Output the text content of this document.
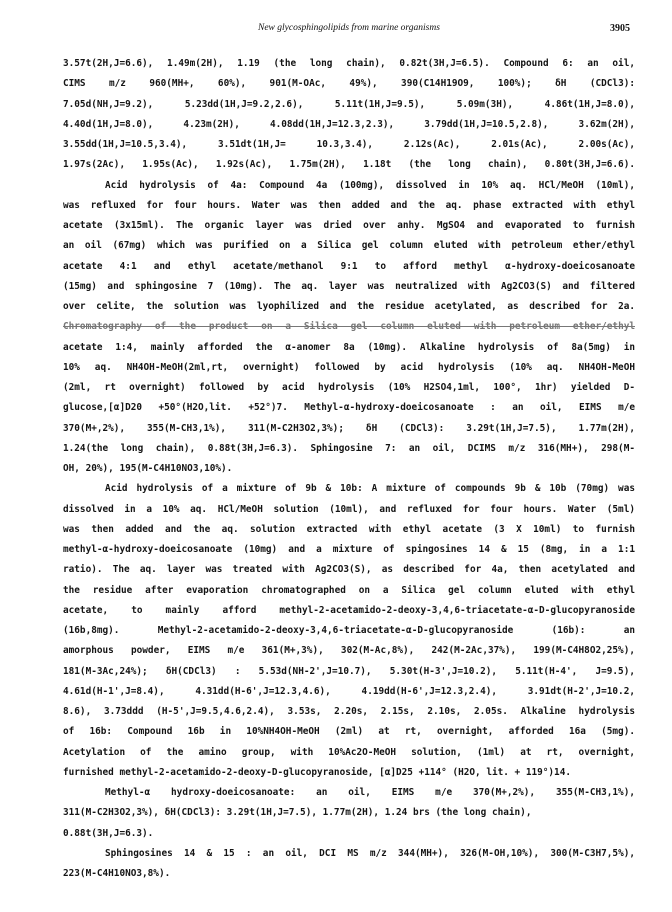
New glycosphingolipids from marine organisms	3905
3.57t(2H,J=6.6), 1.49m(2H), 1.19 (the long chain), 0.82t(3H,J=6.5). Compound 6: an oil,
CIMS m/z 960(MH+, 60%), 901(M-OAc, 49%), 390(C14H19O9, 100%); δH (CDCl3):
7.05d(NH,J=9.2), 5.23dd(1H,J=9.2,2.6), 5.11t(1H,J=9.5), 5.09m(3H), 4.86t(1H,J=8.0),
4.40d(1H,J=8.0), 4.23m(2H), 4.08dd(1H,J=12.3,2.3), 3.79dd(1H,J=10.5,2.8), 3.62m(2H),
3.55dd(1H,J=10.5,3.4), 3.51dt(1H,J= 10.3,3.4), 2.12s(Ac), 2.01s(Ac), 2.00s(Ac),
1.97s(2Ac), 1.95s(Ac), 1.92s(Ac), 1.75m(2H), 1.18t (the long chain), 0.80t(3H,J=6.6).
Acid hydrolysis of 4a: Compound 4a (100mg), dissolved in 10% aq. HCl/MeOH (10ml),
was refluxed for four hours. Water was then added and the aq. phase extracted with ethyl
acetate (3x15ml). The organic layer was dried over anhy. MgSO4 and evaporated to furnish
an oil (67mg) which was purified on a Silica gel column eluted with petroleum ether/ethyl
acetate 4:1 and ethyl acetate/methanol 9:1 to afford methyl α-hydroxy-doeicosanoate
(15mg) and sphingosine 7 (10mg). The aq. layer was neutralized with Ag2CO3(S) and filtered
over celite, the solution was lyophilized and the residue acetylated, as described for 2a.
Chromatography of the product on a Silica gel column eluted with petroleum ether/ethyl
acetate 1:4, mainly afforded the α-anomer 8a (10mg). Alkaline hydrolysis of 8a(5mg) in
10% aq. NH4OH-MeOH(2ml,rt, overnight) followed by acid hydrolysis (10% aq. NH4OH-MeOH
(2ml, rt overnight) followed by acid hydrolysis (10% H2SO4,1ml, 100°, 1hr) yielded D-
glucose,[α]D20 +50°(H2O,lit. +52°)7. Methyl-α-hydroxy-doeicosanoate : an oil, EIMS m/e
370(M+,2%), 355(M-CH3,1%), 311(M-C2H3O2,3%); δH (CDCl3): 3.29t(1H,J=7.5), 1.77m(2H),
1.24(the long chain), 0.88t(3H,J=6.3). Sphingosine 7: an oil, DCIMS m/z 316(MH+), 298(M-
OH, 20%), 195(M-C4H10NO3,10%).
Acid hydrolysis of a mixture of 9b & 10b: A mixture of compounds 9b & 10b (70mg) was
dissolved in a 10% aq. HCl/MeOH solution (10ml), and refluxed for four hours. Water (5ml)
was then added and the aq. solution extracted with ethyl acetate (3 X 10ml) to furnish
methyl-α-hydroxy-doeicosanoate (10mg) and a mixture of spingosines 14 & 15 (8mg, in a 1:1
ratio). The aq. layer was treated with Ag2CO3(S), as described for 4a, then acetylated and
the residue after evaporation chromatographed on a Silica gel column eluted with ethyl
acetate, to mainly afford methyl-2-acetamido-2-deoxy-3,4,6-triacetate-α-D-glucopyranoside
(16b,8mg). Methyl-2-acetamido-2-deoxy-3,4,6-triacetate-α-D-glucopyranoside (16b): an
amorphous powder, EIMS m/e 361(M+,3%), 302(M-Ac,8%), 242(M-2Ac,37%), 199(M-C4H8O2,25%),
181(M-3Ac,24%); δH(CDCl3) : 5.53d(NH-2',J=10.7), 5.30t(H-3',J=10.2), 5.11t(H-4', J=9.5),
4.61d(H-1',J=8.4), 4.31dd(H-6',J=12.3,4.6), 4.19dd(H-6',J=12.3,2.4), 3.91dt(H-2',J=10.2,
8.6), 3.73ddd (H-5',J=9.5,4.6,2.4), 3.53s, 2.20s, 2.15s, 2.10s, 2.05s. Alkaline hydrolysis
of 16b: Compound 16b in 10%NH4OH-MeOH (2ml) at rt, overnight, afforded 16a (5mg).
Acetylation of the amino group, with 10%Ac2O-MeOH solution, (1ml) at rt, overnight,
furnished methyl-2-acetamido-2-deoxy-D-glucopyranoside, [α]D25 +114° (H2O, lit. + 119°)14.
Methyl-α hydroxy-doeicosanoate: an oil, EIMS m/e 370(M+,2%), 355(M-CH3,1%),
311(M-C2H3O2,3%), δH(CDCl3): 3.29t(1H,J=7.5), 1.77m(2H), 1.24 brs (the long chain),
0.88t(3H,J=6.3).
Sphingosines 14 & 15 : an oil, DCI MS m/z 344(MH+), 326(M-OH,10%), 300(M-C3H7,5%),
223(M-C4H10NO3,8%).
